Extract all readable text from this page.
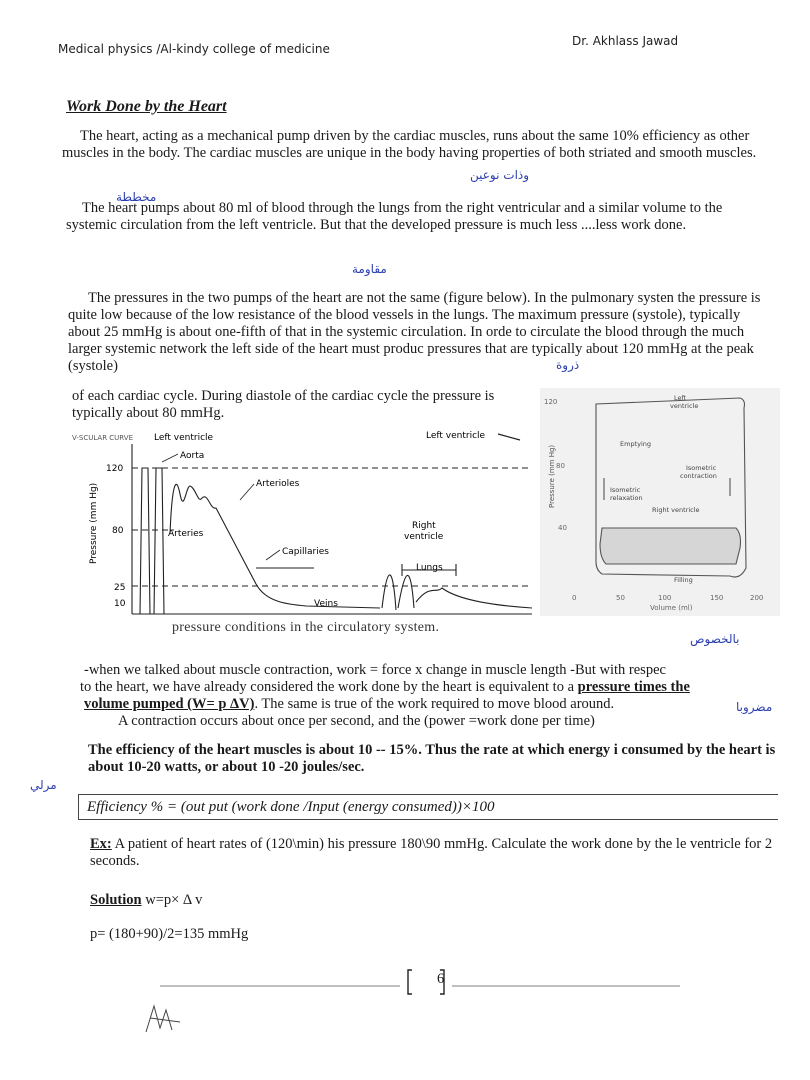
Medical physics /Al-kindy college of medicine
Dr. Akhlass Jawad
Work Done by the Heart

The heart, acting as a mechanical pump driven by the cardiac muscles, runs about the same 10% efficiency as other muscles in the body. The cardiac muscles are unique in the body having properties of both striated and smooth muscles.

The heart pumps about 80 ml of blood through the lungs from the right ventricular and a similar volume to the systemic circulation from the left ventricle. But that the developed pressure is much less ....less work done.

The pressures in the two pumps of the heart are not the same (figure below). In the pulmonary systen the pressure is quite low because of the low resistance of the blood vessels in the lungs. The maximum pressure (systole), typically about 25 mmHg is about one-fifth of that in the systemic circulation. In orde to circulate the blood through the much larger systemic network the left side of the heart must produc pressures that are typically about 120 mmHg at the peak (systole)

of each cardiac cycle. During diastole of the cardiac cycle the pressure is typically about 80 mmHg.

وذات نوعين
مخططة
مقاومة
ذروة
بالخصوص
مضروبا
مرلي
V-SCULAR CURVE Left ventricle	Left ventricle
Aorta
Arterioles
Arteries
Capillaries
Right
ventricle
Lungs
Veins
Pressure (mm Hg)
120
80
25
10
pressure conditions in the circulatory system.
Pressure (mm Hg)
120
80
40
0	50	100	150	200
Volume (ml)
Left
ventricle
Emptying
Isometric
contraction
Isometric
relaxation
Right ventricle
Filling
-when we talked about muscle contraction, work = force x change in muscle length -But with respec
to the heart, we have already considered the work done by the heart is equivalent to a pressure times the
volume pumped (W= p ΔV). The same is true of the work required to move blood around.
A contraction occurs about once per second, and the (power =work done per time)

The efficiency of the heart muscles is about 10 -- 15%. Thus the rate at which energy i consumed by the heart is about 10-20 watts, or about 10 -20 joules/sec.

Efficiency % = (out put (work done /Input (energy consumed))×100

Ex: A patient of heart rates of (120\min) his pressure 180\90 mmHg. Calculate the work done by the le ventricle for 2 seconds.

Solution w=p× Δ v

p= (180+90)/2=135 mmHg

6
